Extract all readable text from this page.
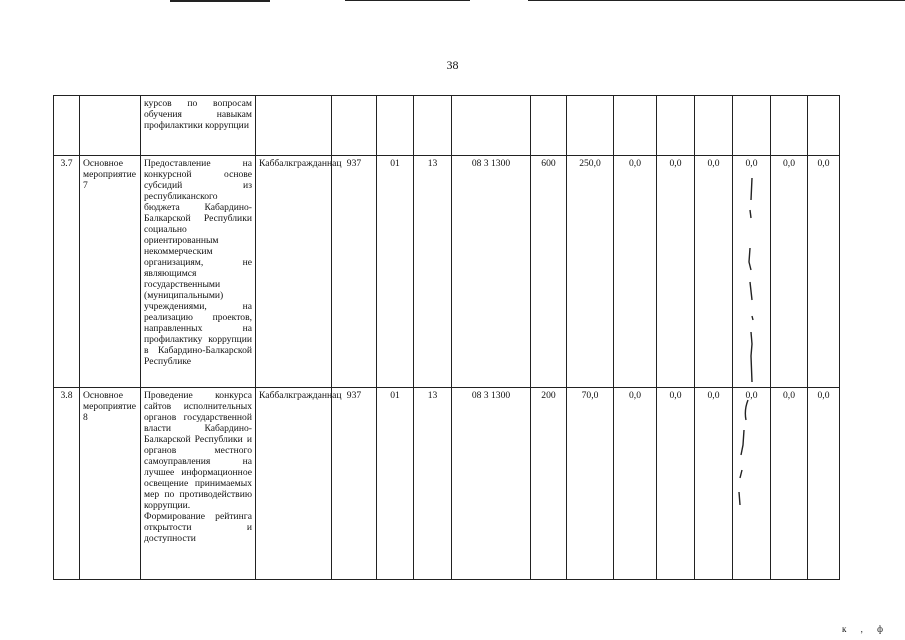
38
		курсов по вопросам обучения навыкам профилактики коррупции													
3.7	Основное мероприятие 7	Предоставление на конкурсной основе субсидий из республиканского бюджета Кабардино-Балкарской Республики социально ориентированным некоммерческим организациям, не являющимся государственными (муниципальными) учреждениями, на реализацию проектов, направленных на профилактику коррупции в Кабардино-Балкарской Республике	Каббалкгражданнац	937	01	13	08 3 1300	600	250,0	0,0	0,0	0,0	0,0	0,0	0,0
3.8	Основное мероприятие 8	Проведение конкурса сайтов исполнительных органов государственной власти Кабардино-Балкарской Республики и органов местного самоуправления на лучшее информационное освещение принимаемых мер по противодействию коррупции. Формирование рейтинга открытости и доступности	Каббалкгражданнац	937	01	13	08 3 1300	200	70,0	0,0	0,0	0,0	0,0	0,0	0,0
к , ф
